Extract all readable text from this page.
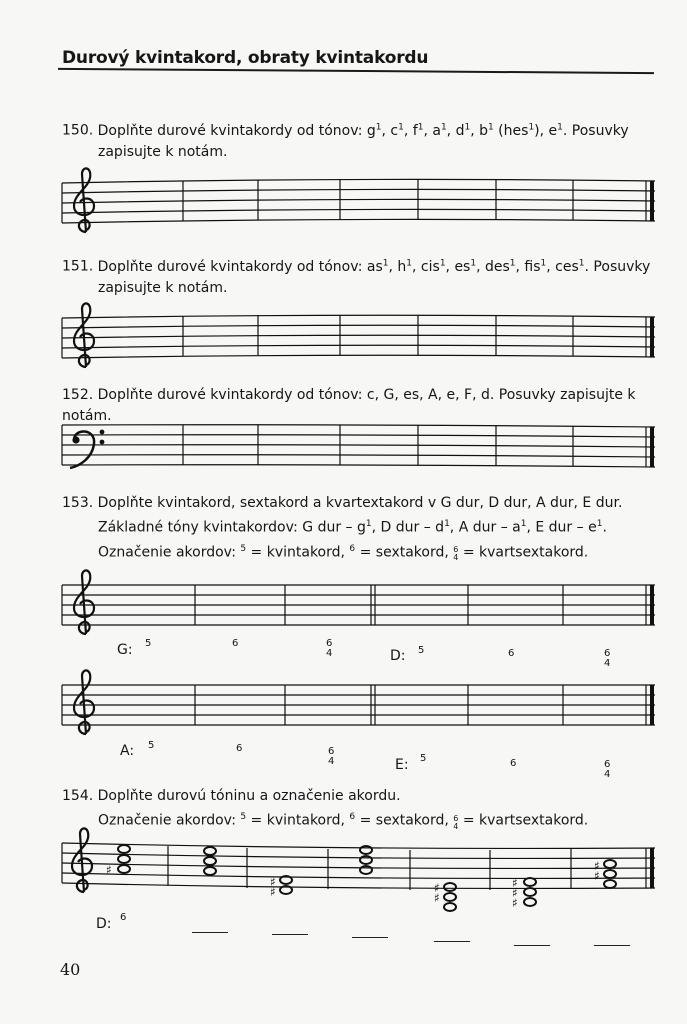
Durový kvintakord, obraty kvintakordu
150. Doplňte durové kvintakordy od tónov: $g^1$, $c^1$, $f^1$, $a^1$, $d^1$, $b^1$ (hes$^1$), $e^1$. Posuvky
zapisujte k notám.
151. Doplňte durové kvintakordy od tónov: $as^1$, $h^1$, cis$^1$, $es^1$, des$^1$, fis$^1$, ces$^1$. Posuvky
zapisujte k notám.
152. Doplňte durové kvintakordy od tónov: c, G, es, A, e, F, d. Posuvky zapisujte k notám.
153. Doplňte kvintakord, sextakord a kvartextakord v G dur, D dur, A dur, E dur.
Základné tóny kvintakordov: G dur – $g^1$, D dur – $d^1$, A dur – $a^1$, E dur – $e^1$.
Označenie akordov: $^5$ = kvintakord, $^6$ = sextakord, 6
4 = kvartsextakord.
154. Doplňte durovú tóninu a označenie akordu.
Označenie akordov: $^5$ = kvintakord, $^6$ = sextakord, 6
4 = kvartsextakord.
♯
♯
♯	♯
♯
♯
♯
♯
♯
♯
G: 5	6	6
4	D: 5	6	6
4
A: 5	6	6
4	E: 5	6	6
4
D: 6
40
